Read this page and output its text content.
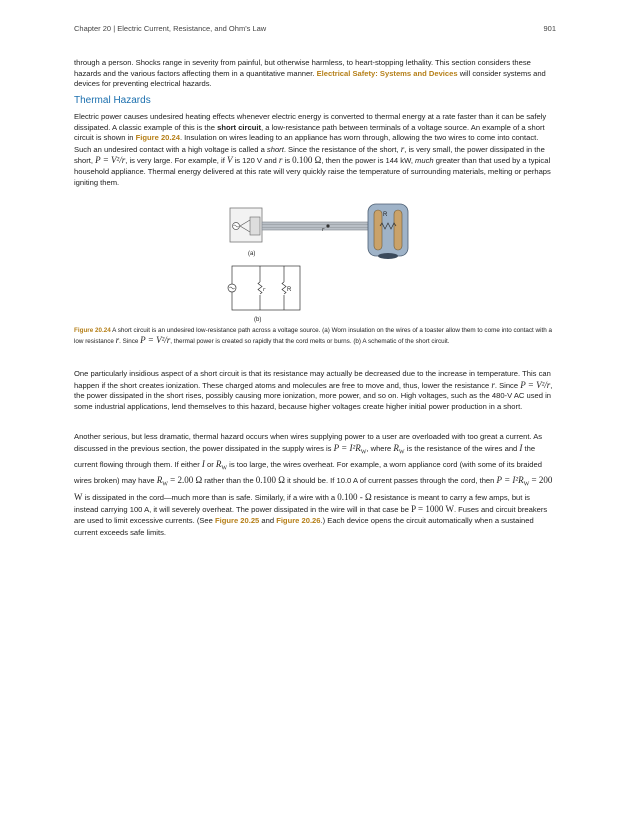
Chapter 20 | Electric Current, Resistance, and Ohm's Law	901

through a person. Shocks range in severity from painful, but otherwise harmless, to heart-stopping lethality. This section considers these hazards and the various factors affecting them in a quantitative manner. Electrical Safety: Systems and Devices will consider systems and devices for preventing electrical hazards.

Thermal Hazards

Electric power causes undesired heating effects whenever electric energy is converted to thermal energy at a rate faster than it can be safely dissipated. A classic example of this is the short circuit, a low-resistance path between terminals of a voltage source. An example of a short circuit is shown in Figure 20.24. Insulation on wires leading to an appliance has worn through, allowing the two wires to come into contact. Such an undesired contact with a high voltage is called a short. Since the resistance of the short, r, is very small, the power dissipated in the short, P = V²/r, is very large. For example, if V is 120 V and r is 0.100 Ω, then the power is 144 kW, much greater than that used by a typical household appliance. Thermal energy delivered at this rate will very quickly raise the temperature of surrounding materials, melting or perhaps igniting them.

(a)
r
R
r	R
(b)

Figure 20.24 A short circuit is an undesired low-resistance path across a voltage source. (a) Worn insulation on the wires of a toaster allow them to come into contact with a low resistance r. Since P = V²/r, thermal power is created so rapidly that the cord melts or burns. (b) A schematic of the short circuit.

One particularly insidious aspect of a short circuit is that its resistance may actually be decreased due to the increase in temperature. This can happen if the short creates ionization. These charged atoms and molecules are free to move and, thus, lower the resistance r. Since P = V²/r, the power dissipated in the short rises, possibly causing more ionization, more power, and so on. High voltages, such as the 480-V AC used in some industrial applications, lend themselves to this hazard, because higher voltages create higher initial power production in a short.

Another serious, but less dramatic, thermal hazard occurs when wires supplying power to a user are overloaded with too great a current. As discussed in the previous section, the power dissipated in the supply wires is $P = I^2R_W$, where $R_W$ is the resistance of the wires and I the current flowing through them. If either I or $R_W$ is too large, the wires overheat. For example, a worn appliance cord (with some of its braided wires broken) may have $R_W = 2.00$ Ω rather than the 0.100 Ω it should be. If 10.0 A of current passes through the cord, then $P = I^2R_W = 200$ W is dissipated in the cord—much more than is safe. Similarly, if a wire with a 0.100 - Ω resistance is meant to carry a few amps, but is instead carrying 100 A, it will severely overheat. The power dissipated in the wire will in that case be P = 1000 W. Fuses and circuit breakers are used to limit excessive currents. (See Figure 20.25 and Figure 20.26.) Each device opens the circuit automatically when a sustained current exceeds safe limits.
